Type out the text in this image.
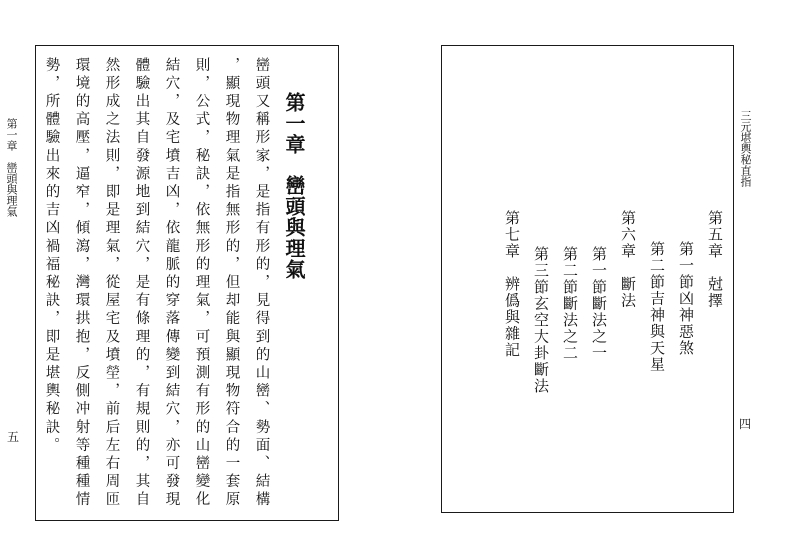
第一章
巒頭與理氣
巒頭又稱形家，是指有形的，見得到的山巒、勢面、結構
，顯現物理氣是指無形的，但却能與顯現物符合的一套原
則，公式，秘訣，依無形的理氣，可預測有形的山巒變化
結穴，及宅墳吉凶，依龍脈的穿落傳變到結穴，亦可發現
體驗出其自發源地到結穴，是有條理的，有規則的，其自
然形成之法則，即是理氣，從屋宅及墳塋，前后左右周匝
環境的高壓，逼窄，傾瀉，灣環拱抱，反側冲射等種種情
勢，所體驗出來的吉凶禍福秘訣，即是堪輿秘訣。
第一章　巒頭與理氣
五
第五章　尅擇
第一節凶神惡煞
第二節吉神與天星
第六章　斷法
第一節斷法之一
第二節斷法之二
第三節玄空大卦斷法
第七章　辨僞與雜記
三元堪輿秘直指
四
